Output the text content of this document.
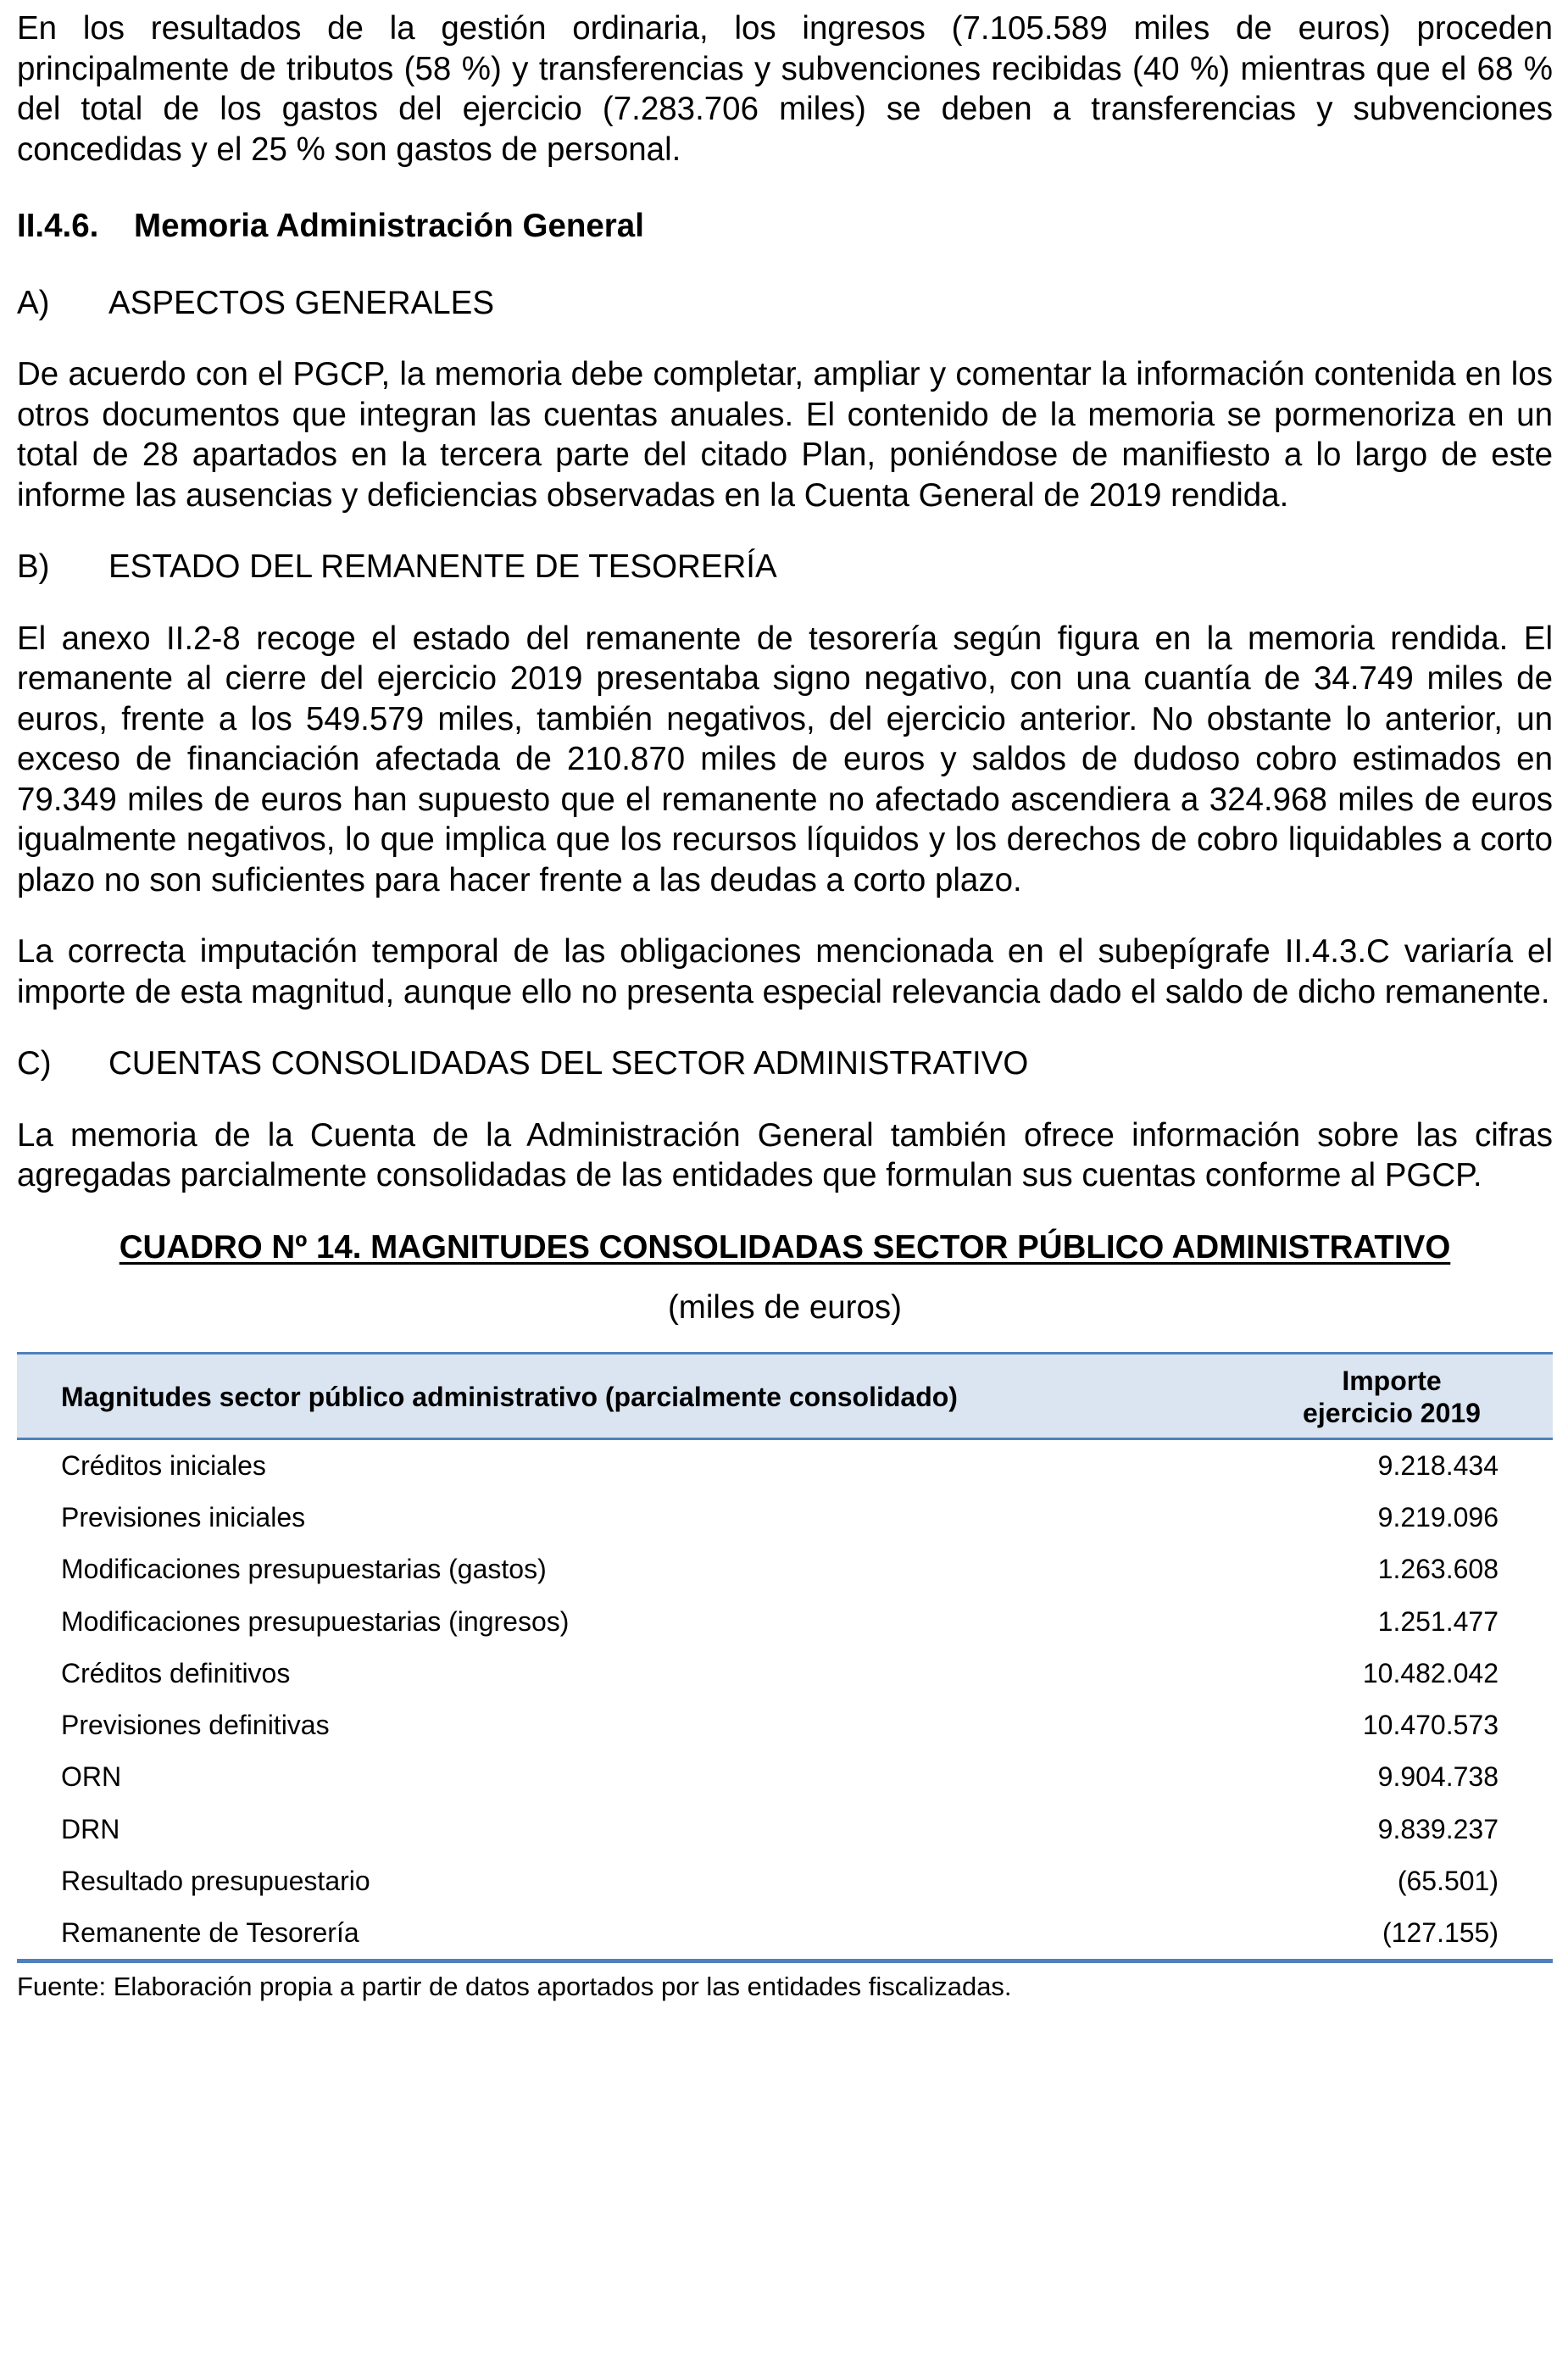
En los resultados de la gestión ordinaria, los ingresos (7.105.589 miles de euros) proceden principalmente de tributos (58 %) y transferencias y subvenciones recibidas (40 %) mientras que el 68 % del total de los gastos del ejercicio (7.283.706 miles) se deben a transferencias y subvenciones concedidas y el 25 % son gastos de personal.

II.4.6. Memoria Administración General

A) ASPECTOS GENERALES

De acuerdo con el PGCP, la memoria debe completar, ampliar y comentar la información contenida en los otros documentos que integran las cuentas anuales. El contenido de la memoria se pormenoriza en un total de 28 apartados en la tercera parte del citado Plan, poniéndose de manifiesto a lo largo de este informe las ausencias y deficiencias observadas en la Cuenta General de 2019 rendida.

B) ESTADO DEL REMANENTE DE TESORERÍA

El anexo II.2-8 recoge el estado del remanente de tesorería según figura en la memoria rendida. El remanente al cierre del ejercicio 2019 presentaba signo negativo, con una cuantía de 34.749 miles de euros, frente a los 549.579 miles, también negativos, del ejercicio anterior. No obstante lo anterior, un exceso de financiación afectada de 210.870 miles de euros y saldos de dudoso cobro estimados en 79.349 miles de euros han supuesto que el remanente no afectado ascendiera a 324.968 miles de euros igualmente negativos, lo que implica que los recursos líquidos y los derechos de cobro liquidables a corto plazo no son suficientes para hacer frente a las deudas a corto plazo.

La correcta imputación temporal de las obligaciones mencionada en el subepígrafe II.4.3.C variaría el importe de esta magnitud, aunque ello no presenta especial relevancia dado el saldo de dicho remanente.

C) CUENTAS CONSOLIDADAS DEL SECTOR ADMINISTRATIVO

La memoria de la Cuenta de la Administración General también ofrece información sobre las cifras agregadas parcialmente consolidadas de las entidades que formulan sus cuentas conforme al PGCP.

CUADRO Nº 14. MAGNITUDES CONSOLIDADAS SECTOR PÚBLICO ADMINISTRATIVO

(miles de euros)

Magnitudes sector público administrativo (parcialmente consolidado)	Importe
ejercicio 2019

Créditos iniciales	9.218.434
Previsiones iniciales	9.219.096
Modificaciones presupuestarias (gastos)	1.263.608
Modificaciones presupuestarias (ingresos)	1.251.477
Créditos definitivos	10.482.042
Previsiones definitivas	10.470.573
ORN	9.904.738
DRN	9.839.237
Resultado presupuestario	(65.501)
Remanente de Tesorería	(127.155)

Fuente: Elaboración propia a partir de datos aportados por las entidades fiscalizadas.
